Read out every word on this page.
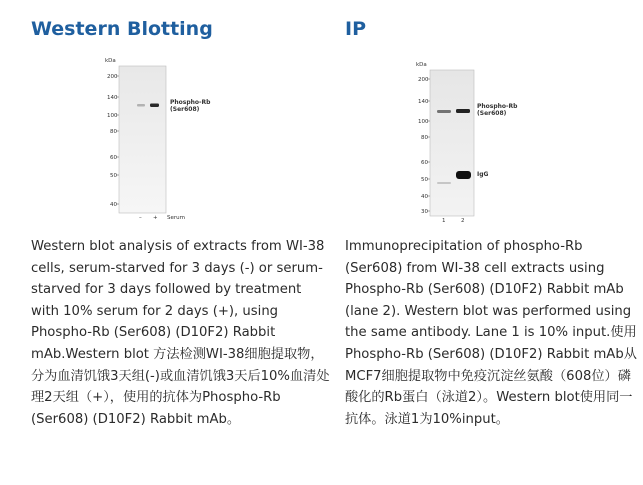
Western Blotting	IP
kDa
200
140
100
80
60
50
40
Phospho-Rb
(Ser608)
– + Serum
kDa
200
140
100
80
60
50
40
30
Phospho-Rb
(Ser608)
IgG
1	2
Western blot analysis of extracts from WI-38 cells, serum-starved for 3 days (-) or serum-starved for 3 days followed by treatment with 10% serum for 2 days (+), using Phospho-Rb (Ser608) (D10F2) Rabbit mAb.Western blot 方法检测WI-38细胞提取物，分为血清饥饿3天组(-)或血清饥饿3天后10%血清处理2天组（+），使用的抗体为Phospho-Rb (Ser608) (D10F2) Rabbit mAb。
Immunoprecipitation of phospho-Rb (Ser608) from WI-38 cell extracts using Phospho-Rb (Ser608) (D10F2) Rabbit mAb (lane 2). Western blot was performed using the same antibody. Lane 1 is 10% input.使用 Phospho-Rb (Ser608) (D10F2) Rabbit mAb从MCF7细胞提取物中免疫沉淀丝氨酸（608位）磷酸化的Rb蛋白（泳道2）。Western blot使用同一抗体。泳道1为10%input。
